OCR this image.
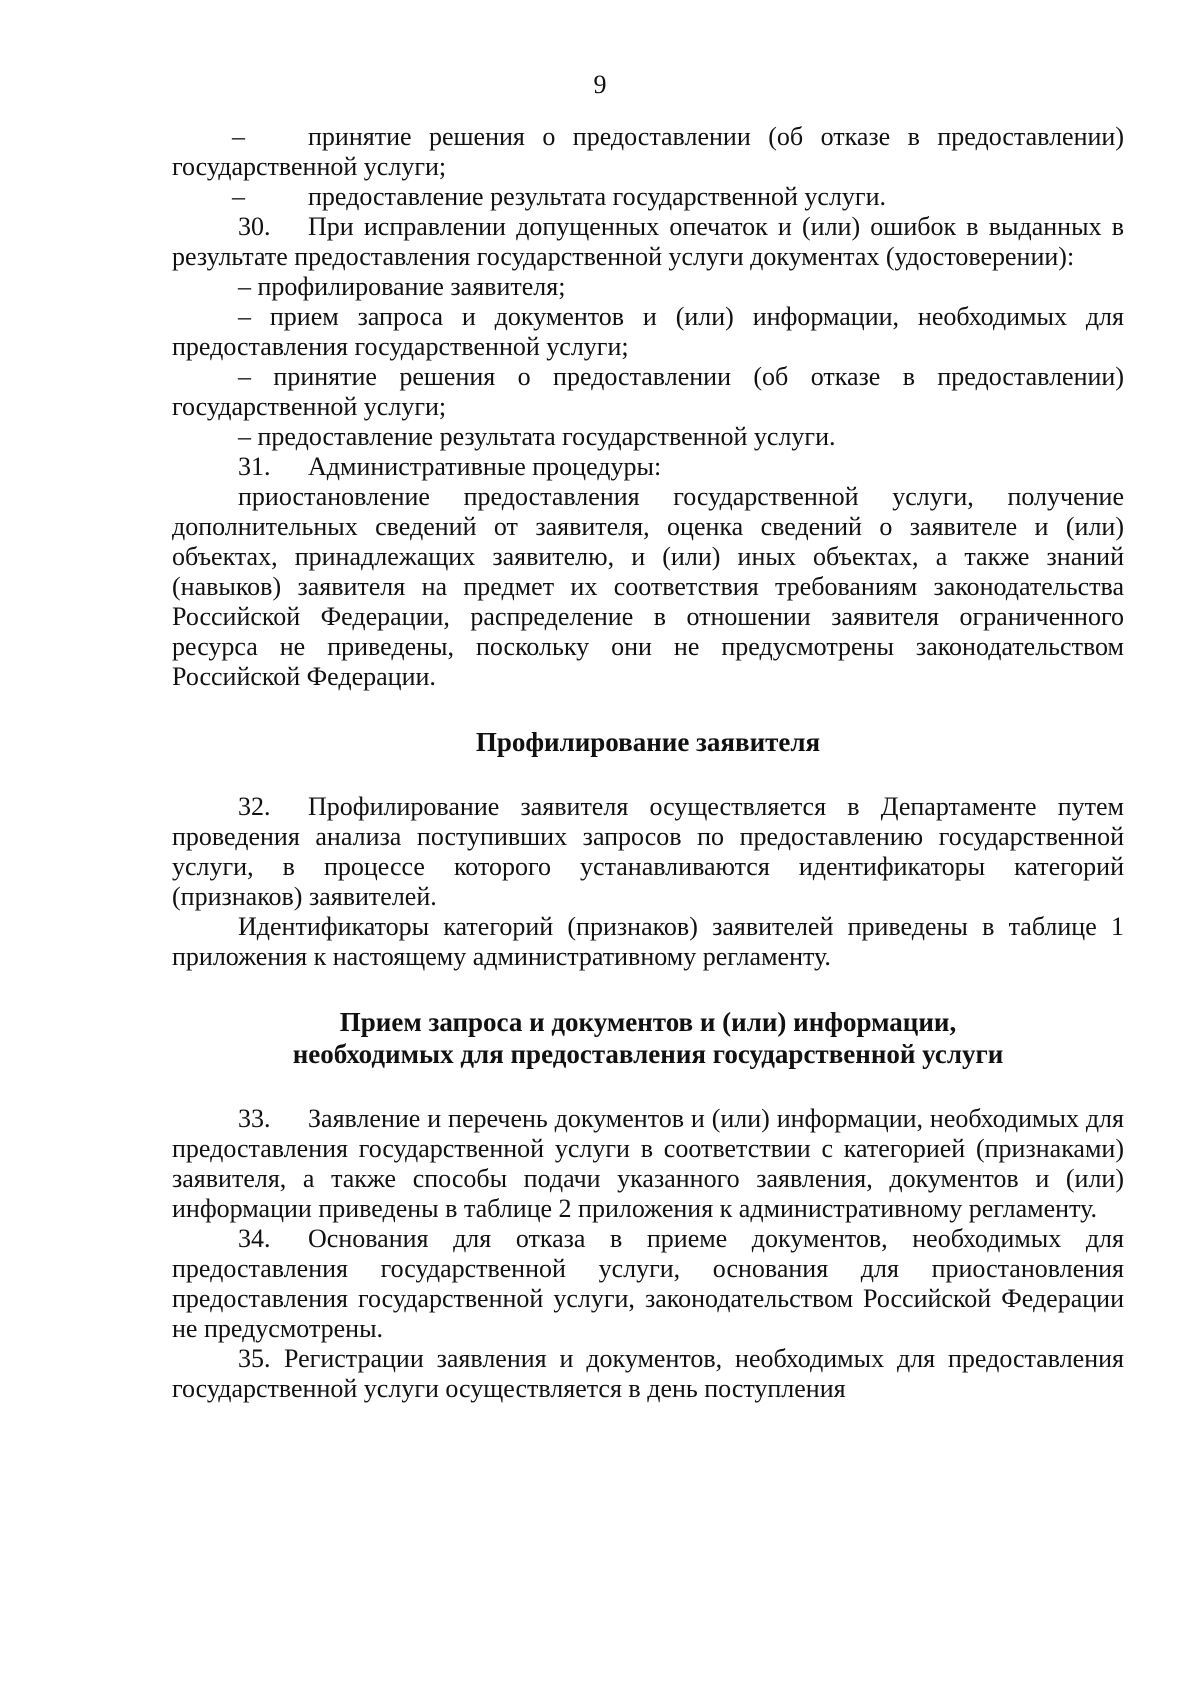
9

– принятие решения о предоставлении (об отказе в предоставлении) государственной услуги;

– предоставление результата государственной услуги.

30. При исправлении допущенных опечаток и (или) ошибок в выданных в результате предоставления государственной услуги документах (удостоверении):

– профилирование заявителя;

– прием запроса и документов и (или) информации, необходимых для предоставления государственной услуги;

– принятие решения о предоставлении (об отказе в предоставлении) государственной услуги;

– предоставление результата государственной услуги.

31. Административные процедуры:

приостановление предоставления государственной услуги, получение дополнительных сведений от заявителя, оценка сведений о заявителе и (или) объектах, принадлежащих заявителю, и (или) иных объектах, а также знаний (навыков) заявителя на предмет их соответствия требованиям законодательства Российской Федерации, распределение в отношении заявителя ограниченного ресурса не приведены, поскольку они не предусмотрены законодательством Российской Федерации.

Профилирование заявителя

32. Профилирование заявителя осуществляется в Департаменте путем проведения анализа поступивших запросов по предоставлению государственной услуги, в процессе которого устанавливаются идентификаторы категорий (признаков) заявителей.

Идентификаторы категорий (признаков) заявителей приведены в таблице 1 приложения к настоящему административному регламенту.

Прием запроса и документов и (или) информации,

необходимых для предоставления государственной услуги

33. Заявление и перечень документов и (или) информации, необходимых для предоставления государственной услуги в соответствии с категорией (признаками) заявителя, а также способы подачи указанного заявления, документов и (или) информации приведены в таблице 2 приложения к административному регламенту.

34. Основания для отказа в приеме документов, необходимых для предоставления государственной услуги, основания для приостановления предоставления государственной услуги, законодательством Российской Федерации не предусмотрены.

35. Регистрации заявления и документов, необходимых для предоставления государственной услуги осуществляется в день поступления
